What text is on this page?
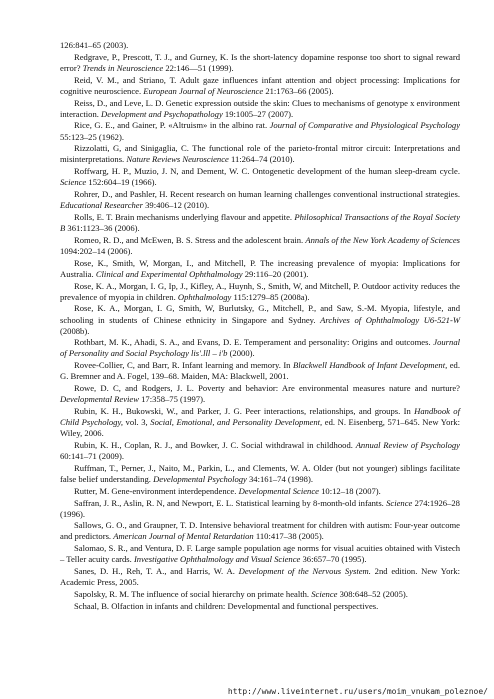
126:841–65 (2003).

Redgrave, P., Prescott, T. J., and Gurney, K. Is the short-latency dopamine response too short to signal reward error? Trends in Neuroscience 22:146—51 (1999).

Reid, V. M., and Striano, T. Adult gaze influences infant attention and object processing: Implications for cognitive neuroscience. European Journal of Neuroscience 21:1763–66 (2005).

Reiss, D., and Leve, L. D. Genetic expression outside the skin: Clues to mechanisms of genotype x environment interaction. Development and Psychopathology 19:1005–27 (2007).

Rice, G. E., and Gainer, P. «Altruism» in the albino rat. Journal of Comparative and Physiological Psychology 55:123–25 (1962).

Rizzolatti, G, and Sinigaglia, C. The functional role of the parieto-frontal mitror circuit: Interpretations and misinterpretations. Nature Reviews Neuroscience 11:264–74 (2010).

Roffwarg, H. P., Muzio, J. N, and Dement, W. C. Ontogenetic development of the human sleep-dream cycle. Science 152:604–19 (1966).

Rohrer, D., and Pashler, H. Recent research on human learning challenges conventional instructional strategies. Educational Researcher 39:406–12 (2010).

Rolls, E. T. Brain mechanisms underlying flavour and appetite. Philosophical Transactions of the Royal Society B 361:1123–36 (2006).

Romeo, R. D., and McEwen, B. S. Stress and the adolescent brain. Annals of the New York Academy of Sciences 1094:202–14 (2006).

Rose, K., Smith, W, Morgan, I., and Mitchell, P. The increasing prevalence of myopia: Implications for Australia. Clinical and Experimental Ophthalmology 29:116–20 (2001).

Rose, K. A., Morgan, I. G, Ip, J., Kifley, A., Huynh, S., Smith, W, and Mitchell, P. Outdoor activity reduces the prevalence of myopia in children. Ophthalmology 115:1279–85 (2008a).

Rose, K. A., Morgan, I. G, Smith, W, Burlutsky, G., Mitchell, P., and Saw, S.-M. Myopia, lifestyle, and schooling in students of Chinese ethnicity in Singapore and Sydney. Archives of Ophthalmology U6-521-W (2008b).

Rothbart, M. K., Ahadi, S. A., and Evans, D. E. Temperament and personality: Origins and outcomes. Journal of Personality and Social Psychology lis'.lll – i'b (2000).

Rovee-Collier, C, and Barr, R. Infant learning and memory. In Blackwell Handbook of Infant Development, ed. G. Bremner and A. Fogel, 139–68. Maiden, MA: Blackwell, 2001.

Rowe, D. C, and Rodgers, J. L. Poverty and behavior: Are environmental measures nature and nurture? Developmental Review 17:358–75 (1997).

Rubin, K. H., Bukowski, W., and Parker, J. G. Peer interactions, relationships, and groups. In Handbook of Child Psychology, vol. 3, Social, Emotional, and Personality Development, ed. N. Eisenberg, 571–645. New York: Wiley, 2006.

Rubin, K. H., Coplan, R. J., and Bowker, J. C. Social withdrawal in childhood. Annual Review of Psychology 60:141–71 (2009).

Ruffman, T., Perner, J., Naito, M., Parkin, L., and Clements, W. A. Older (but not younger) siblings facilitate false belief understanding. Developmental Psychology 34:161–74 (1998).

Rutter, M. Gene-environment interdependence. Developmental Science 10:12–18 (2007).

Saffran, J. R., Aslin, R. N, and Newport, E. L. Statistical learning by 8-month-old infants. Science 274:1926–28 (1996).

Sallows, G. O., and Graupner, T. D. Intensive behavioral treatment for children with autism: Four-year outcome and predictors. American Journal of Mental Retardation 110:417–38 (2005).

Salomao, S. R., and Ventura, D. F. Large sample population age norms for visual acuities obtained with Vistech – Teller acuity cards. Investigative Ophthalmology and Visual Science 36:657–70 (1995).

Sanes, D. H., Reh, T. A., and Harris, W. A. Development of the Nervous System. 2nd edition. New York: Academic Press, 2005.

Sapolsky, R. M. The influence of social hierarchy on primate health. Science 308:648–52 (2005).

Schaal, B. Olfaction in infants and children: Developmental and functional perspectives.

http://www.liveinternet.ru/users/moim_vnukam_poleznoe/
